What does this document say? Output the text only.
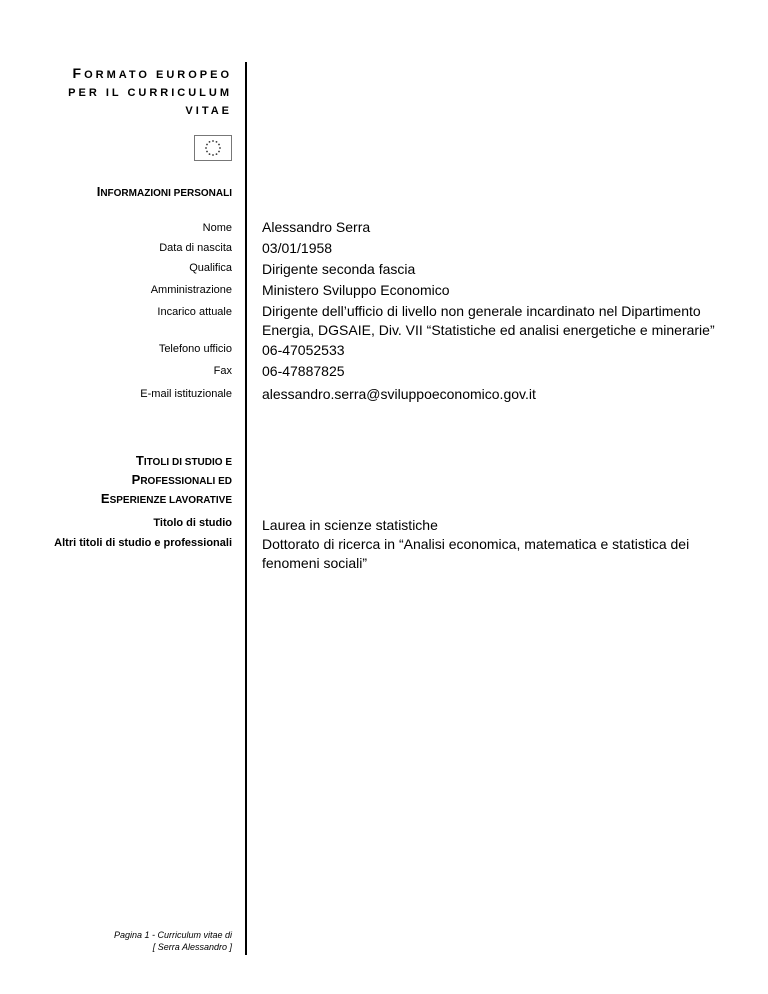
FORMATO EUROPEO
PER IL CURRICULUM
VITAE
INFORMAZIONI PERSONALI
Nome
Data di nascita
Qualifica
Amministrazione
Incarico attuale
Telefono ufficio
Fax
E-mail istituzionale
Alessandro Serra
03/01/1958
Dirigente seconda fascia
Ministero Sviluppo Economico
Dirigente dell’ufficio di livello non generale incardinato nel Dipartimento Energia, DGSAIE, Div. VII “Statistiche ed analisi energetiche e minerarie”
06-47052533
06-47887825
alessandro.serra@sviluppoeconomico.gov.it
TITOLI DI STUDIO E
PROFESSIONALI ED
ESPERIENZE LAVORATIVE
Titolo di studio
Altri titoli di studio e professionali
Laurea in scienze statistiche
Dottorato di ricerca in “Analisi economica, matematica e statistica dei fenomeni sociali”
Pagina 1 - Curriculum vitae di
[ Serra Alessandro ]
